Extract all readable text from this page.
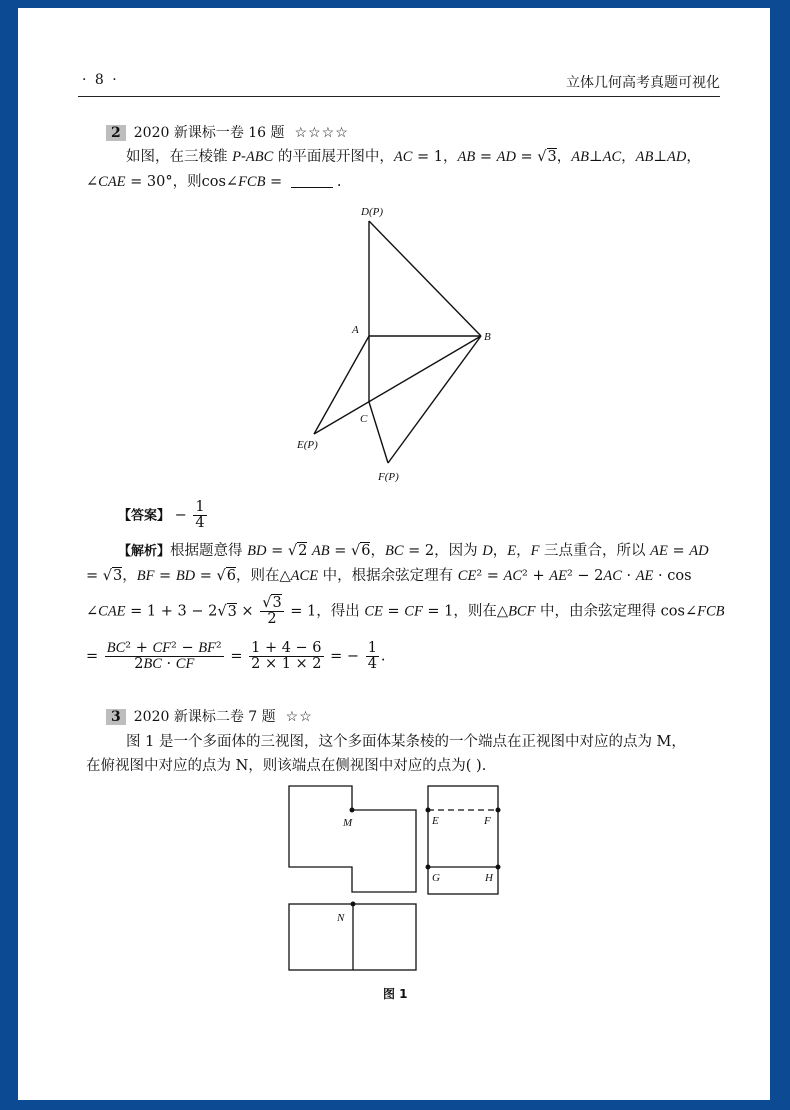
· 8 ·	立体几何高考真题可视化
2 2020 新课标一卷 16 题 ☆☆☆☆
如图，在三棱锥 P-ABC 的平面展开图中，AC = 1，AB = AD = √3，AB⊥AC，AB⊥AD，
∠CAE = 30°，则cos∠FCB =	.
D(P)
A
B
C
E(P)
F(P)
【答案】 − $\frac{1}{4}$
【解析】根据题意得 BD = √2 AB = √6，BC = 2，因为 D，E，F 三点重合，所以 AE = AD
= √3，BF = BD = √6，则在△ACE 中，根据余弦定理有 CE² = AC² + AE² − 2AC · AE · cos
∠CAE = $1 + 3 - 2√3 \times \frac{√3}{2} = 1$，得出 CE = CF = 1，则在△BCF 中，由余弦定理得 cos∠FCB
= $\frac{\text{BC² + CF² − BF²}}{2BC \cdot CF} = \frac{1 + 4 - 6}{2 \times 1 \times 2}$ = − $\frac{1}{4}$ .
3 2020 新课标二卷 7 题 ☆☆
图 1 是一个多面体的三视图，这个多面体某条棱的一个端点在正视图中对应的点为 M，
在俯视图中对应的点为 N，则该端点在侧视图中对应的点为( ).
M	E	F
G	H
N
图 1
